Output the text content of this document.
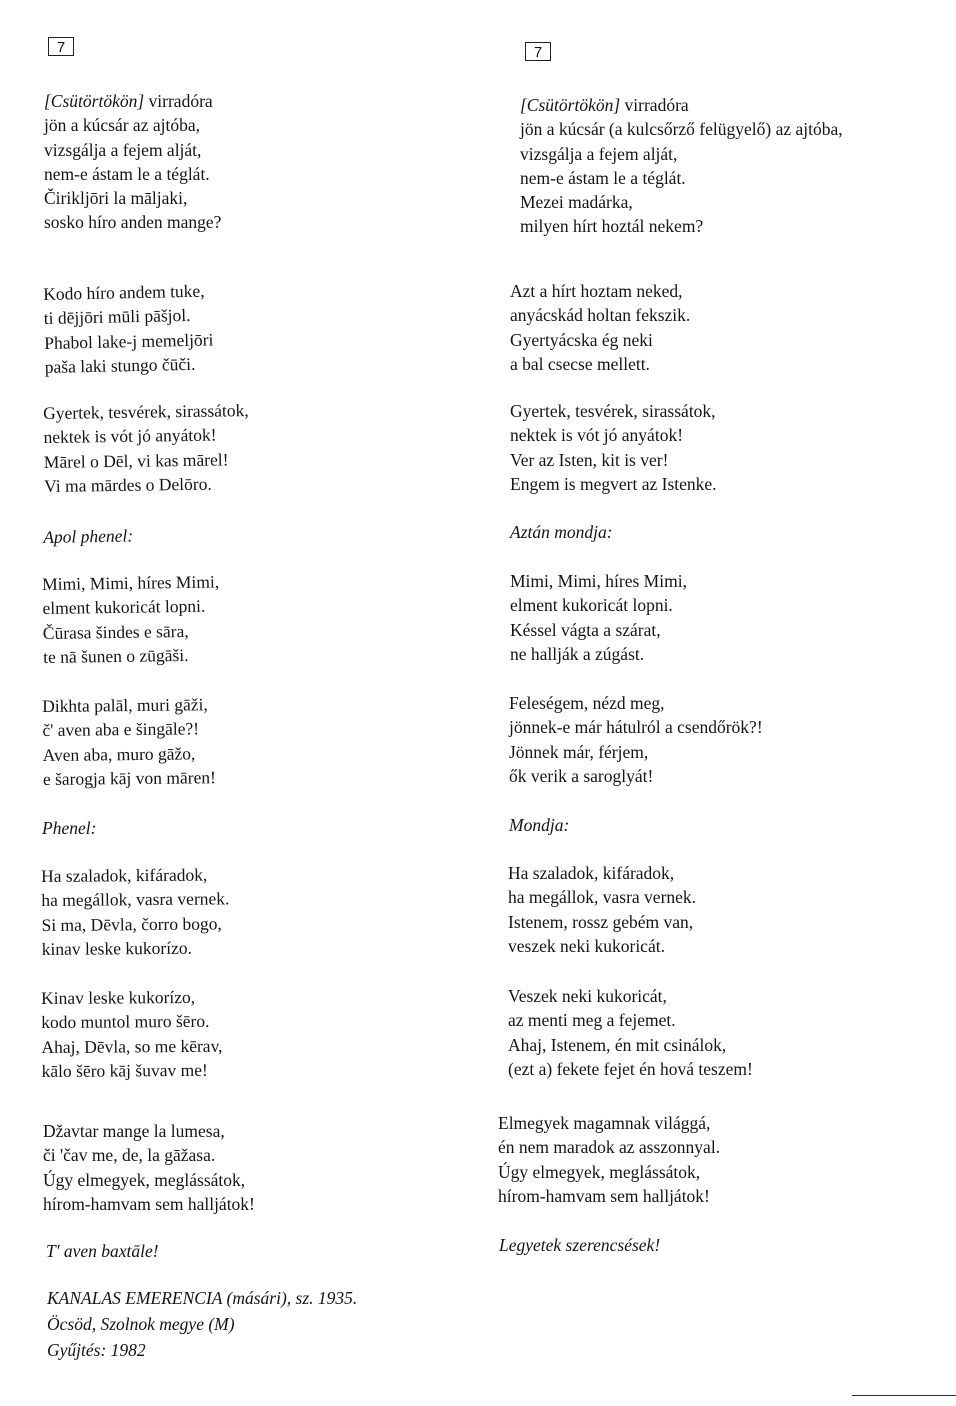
7	7
[Csütörtökön] virradóra
jön a kúcsár az ajtóba,
vizsgálja a fejem alját,
nem-e ástam le a téglát.
Čirikljōri la māljaki,
sosko híro anden mange?
Kodo híro andem tuke,
ti dējjōri mūli pāšjol.
Phabol lake-j memeljōri
paša laki stungo čūči.
Gyertek, tesvérek, sirassátok,
nektek is vót jó anyátok!
Mārel o Dēl, vi kas mārel!
Vi ma mārdes o Delōro.
Apol phenel:
Mimi, Mimi, híres Mimi,
elment kukoricát lopni.
Čūrasa šindes e sāra,
te nā šunen o zūgāši.
Dikhta palāl, muri gāži,
č' aven aba e šingāle?!
Aven aba, muro gāžo,
e šarogja kāj von māren!
Phenel:
Ha szaladok, kifáradok,
ha megállok, vasra vernek.
Si ma, Dēvla, čorro bogo,
kinav leske kukorízo.
Kinav leske kukorízo,
kodo muntol muro šēro.
Ahaj, Dēvla, so me kērav,
kālo šēro kāj šuvav me!
Džavtar mange la lumesa,
či 'čav me, de, la gāžasa.
Úgy elmegyek, meglássátok,
hírom-hamvam sem halljátok!
T' aven baxtāle!
KANALAS EMERENCIA (másári), sz. 1935.
Öcsöd, Szolnok megye (M)
Gyűjtés: 1982
[Csütörtökön] virradóra
jön a kúcsár (a kulcsőrző felügyelő) az ajtóba,
vizsgálja a fejem alját,
nem-e ástam le a téglát.
Mezei madárka,
milyen hírt hoztál nekem?
Azt a hírt hoztam neked,
anyácskád holtan fekszik.
Gyertyácska ég neki
a bal csecse mellett.
Gyertek, tesvérek, sirassátok,
nektek is vót jó anyátok!
Ver az Isten, kit is ver!
Engem is megvert az Istenke.
Aztán mondja:
Mimi, Mimi, híres Mimi,
elment kukoricát lopni.
Késsel vágta a szárat,
ne hallják a zúgást.
Feleségem, nézd meg,
jönnek-e már hátulról a csendőrök?!
Jönnek már, férjem,
ők verik a saroglyát!
Mondja:
Ha szaladok, kifáradok,
ha megállok, vasra vernek.
Istenem, rossz gebém van,
veszek neki kukoricát.
Veszek neki kukoricát,
az menti meg a fejemet.
Ahaj, Istenem, én mit csinálok,
(ezt a) fekete fejet én hová teszem!
Elmegyek magamnak világgá,
én nem maradok az asszonnyal.
Úgy elmegyek, meglássátok,
hírom-hamvam sem halljátok!
Legyetek szerencsések!
